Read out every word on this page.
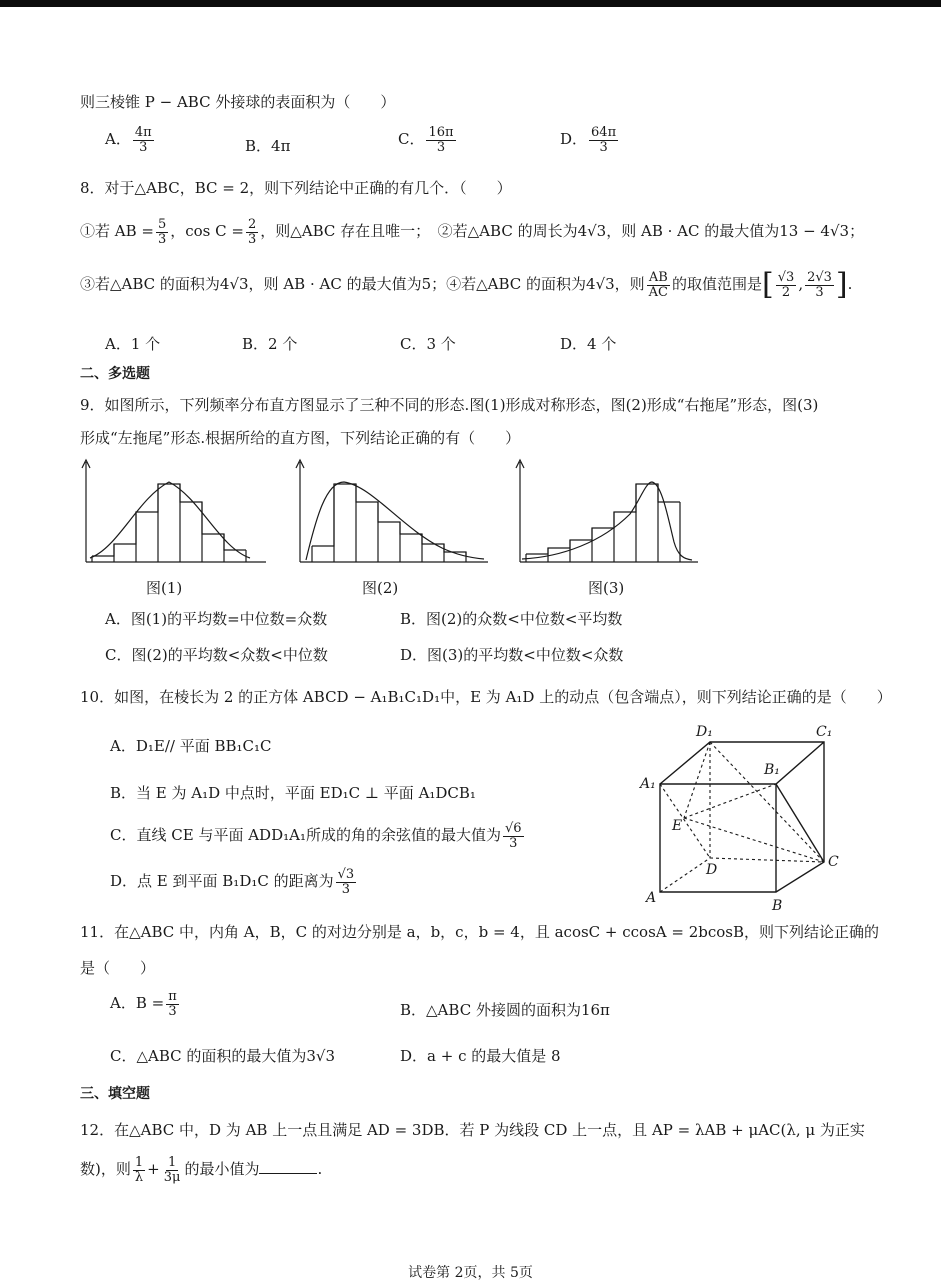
则三棱锥 P − ABC 外接球的表面积为（　　）
A． $\frac{4\pi}{3}$	B．4π	C． $\frac{16\pi}{3}$	D． $\frac{64\pi}{3}$
8．对于△ABC，BC = 2，则下列结论中正确的有几个．（　　）
①若 AB = $\frac{5}{3}$ ，$\cos C = \frac{2}{3}$ ，则△ABC 存在且唯一；　②若△ABC 的周长为4√3，则 AB · AC 的最大值为13 − 4√3；
③若△ABC 的面积为4√3，则 AB · AC 的最大值为5；④若△ABC 的面积为4√3，则 $\frac{AB}{AC}$ 的取值范围是[ $\frac{√3}{2}$ , $\frac{2√3}{3}$ ].
A．1 个	B．2 个	C．3 个	D．4 个
二、多选题
9．如图所示，下列频率分布直方图显示了三种不同的形态.图(1)形成对称形态，图(2)形成“右拖尾”形态，图(3)
形成“左拖尾”形态.根据所给的直方图，下列结论正确的有（　　）
图(1)	图(2)	图(3)
A．图(1)的平均数=中位数=众数	B．图(2)的众数<中位数<平均数
C．图(2)的平均数<众数<中位数	D．图(3)的平均数<中位数<众数
10．如图，在棱长为 2 的正方体 ABCD − A₁B₁C₁D₁中，E 为 A₁D 上的动点（包含端点），则下列结论正确的是（　　）
A．D₁E// 平面 BB₁C₁C
B．当 E 为 A₁D 中点时，平面 ED₁C ⊥ 平面 A₁DCB₁
C．直线 CE 与平面 ADD₁A₁所成的角的余弦值的最大值为 $\frac{√6}{3}$
D．点 E 到平面 B₁D₁C 的距离为 $\frac{√3}{3}$
D₁	C₁
A₁
B₁
E
D	C
A	B
11．在△ABC 中，内角 A，B，C 的对边分别是 a，b，c，b = 4，且 acosC + ccosA = 2bcosB，则下列结论正确的
是（　　）
A．$B = \frac{\pi}{3}$	B．△ABC 外接圆的面积为16π
C．△ABC 的面积的最大值为3√3	D．a + c 的最大值是 8
三、填空题
12．在△ABC 中，D 为 AB 上一点且满足 AD = 3DB．若 P 为线段 CD 上一点，且 AP = λAB + μAC(λ, μ 为正实
数)，则 $\frac{1}{\lambda} + \frac{1}{3\mu}$ 的最小值为	.
试卷第 2页，共 5页
